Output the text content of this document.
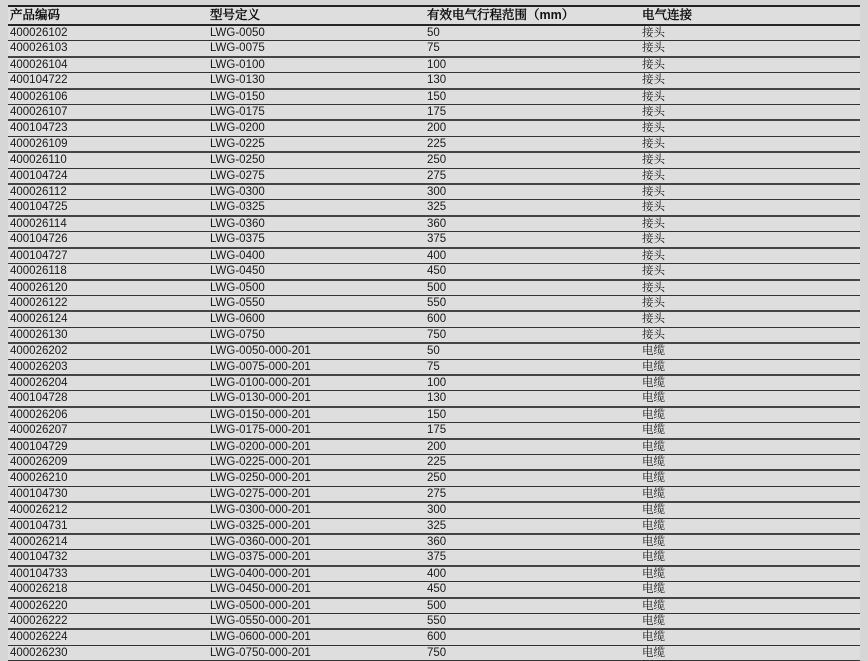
产品编码	型号定义	有效电气行程范围（mm）	电气连接
400026102	LWG-0050	50	接头
400026103	LWG-0075	75	接头
400026104	LWG-0100	100	接头
400104722	LWG-0130	130	接头
400026106	LWG-0150	150	接头
400026107	LWG-0175	175	接头
400104723	LWG-0200	200	接头
400026109	LWG-0225	225	接头
400026110	LWG-0250	250	接头
400104724	LWG-0275	275	接头
400026112	LWG-0300	300	接头
400104725	LWG-0325	325	接头
400026114	LWG-0360	360	接头
400104726	LWG-0375	375	接头
400104727	LWG-0400	400	接头
400026118	LWG-0450	450	接头
400026120	LWG-0500	500	接头
400026122	LWG-0550	550	接头
400026124	LWG-0600	600	接头
400026130	LWG-0750	750	接头
400026202	LWG-0050-000-201	50	电缆
400026203	LWG-0075-000-201	75	电缆
400026204	LWG-0100-000-201	100	电缆
400104728	LWG-0130-000-201	130	电缆
400026206	LWG-0150-000-201	150	电缆
400026207	LWG-0175-000-201	175	电缆
400104729	LWG-0200-000-201	200	电缆
400026209	LWG-0225-000-201	225	电缆
400026210	LWG-0250-000-201	250	电缆
400104730	LWG-0275-000-201	275	电缆
400026212	LWG-0300-000-201	300	电缆
400104731	LWG-0325-000-201	325	电缆
400026214	LWG-0360-000-201	360	电缆
400104732	LWG-0375-000-201	375	电缆
400104733	LWG-0400-000-201	400	电缆
400026218	LWG-0450-000-201	450	电缆
400026220	LWG-0500-000-201	500	电缆
400026222	LWG-0550-000-201	550	电缆
400026224	LWG-0600-000-201	600	电缆
400026230	LWG-0750-000-201	750	电缆
